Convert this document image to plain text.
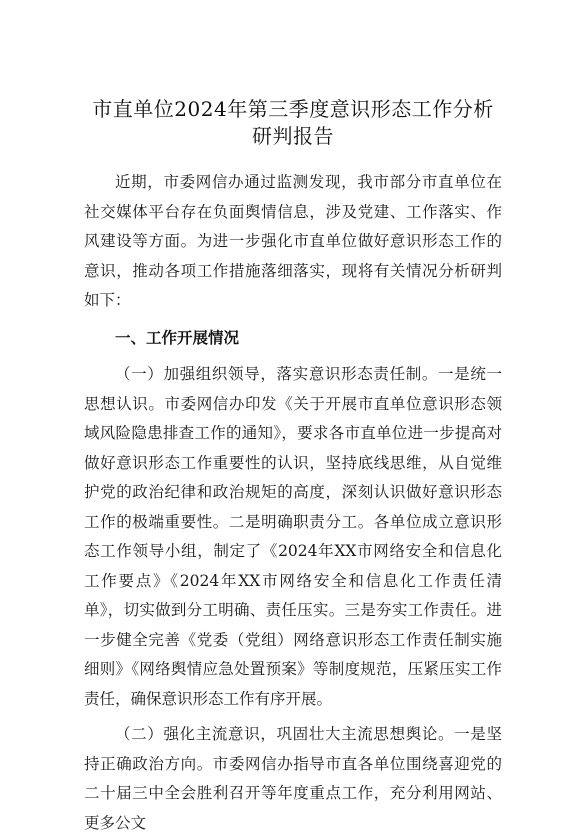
市直单位2024年第三季度意识形态工作分析研判报告

近期，市委网信办通过监测发现，我市部分市直单位在社交媒体平台存在负面舆情信息，涉及党建、工作落实、作风建设等方面。为进一步强化市直单位做好意识形态工作的意识，推动各项工作措施落细落实，现将有关情况分析研判如下：

一、工作开展情况

（一）加强组织领导，落实意识形态责任制。一是统一思想认识。市委网信办印发《关于开展市直单位意识形态领域风险隐患排查工作的通知》，要求各市直单位进一步提高对做好意识形态工作重要性的认识，坚持底线思维，从自觉维护党的政治纪律和政治规矩的高度，深刻认识做好意识形态工作的极端重要性。二是明确职责分工。各单位成立意识形态工作领导小组，制定了《2024年XX市网络安全和信息化工作要点》《2024年XX市网络安全和信息化工作责任清单》，切实做到分工明确、责任压实。三是夯实工作责任。进一步健全完善《党委（党组）网络意识形态工作责任制实施细则》《网络舆情应急处置预案》等制度规范，压紧压实工作责任，确保意识形态工作有序开展。

（二）强化主流意识，巩固壮大主流思想舆论。一是坚持正确政治方向。市委网信办指导市直各单位围绕喜迎党的二十届三中全会胜利召开等年度重点工作，充分利用网站、更多公文
